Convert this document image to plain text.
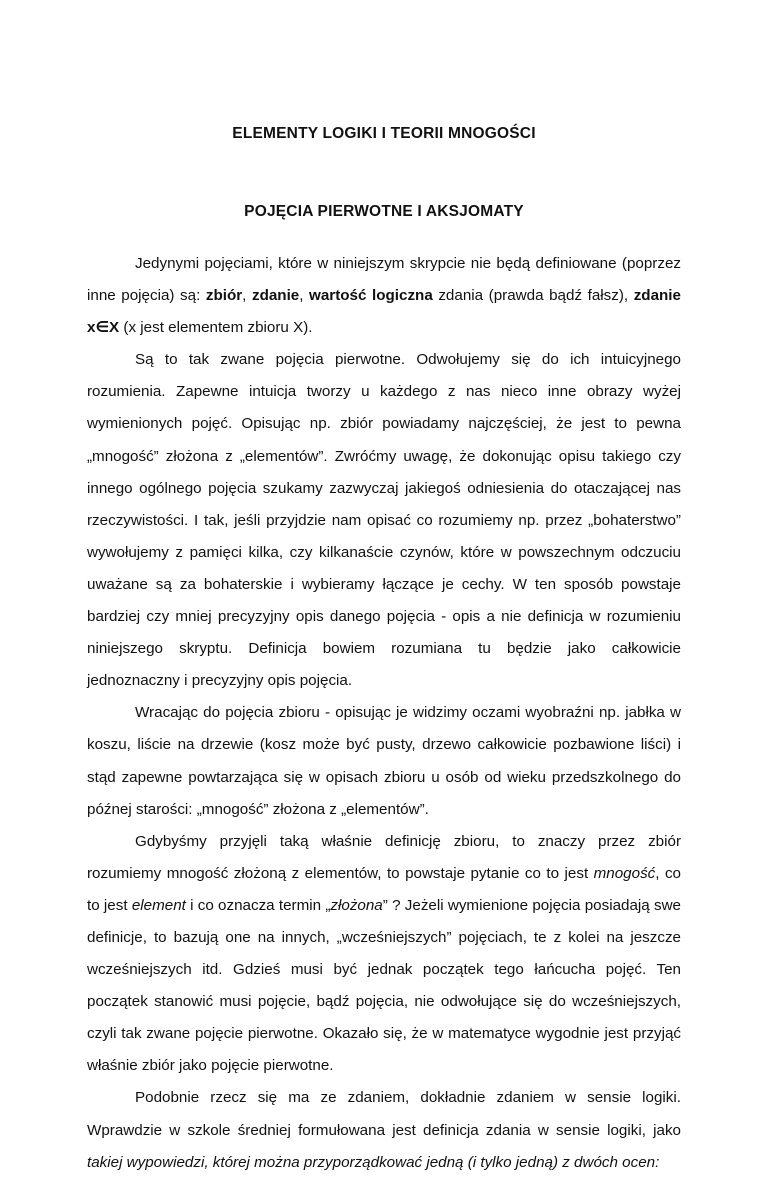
ELEMENTY LOGIKI I TEORII MNOGOŚCI
POJĘCIA PIERWOTNE I AKSJOMATY

Jedynymi pojęciami, które w niniejszym skrypcie nie będą definiowane (poprzez inne pojęcia) są: zbiór, zdanie, wartość logiczna zdania (prawda bądź fałsz), zdanie x∈X (x jest elementem zbioru X).

Są to tak zwane pojęcia pierwotne. Odwołujemy się do ich intuicyjnego rozumienia. Zapewne intuicja tworzy u każdego z nas nieco inne obrazy wyżej wymienionych pojęć. Opisując np. zbiór powiadamy najczęściej, że jest to pewna „mnogość” złożona z „elementów”. Zwróćmy uwagę, że dokonując opisu takiego czy innego ogólnego pojęcia szukamy zazwyczaj jakiegoś odniesienia do otaczającej nas rzeczywistości. I tak, jeśli przyjdzie nam opisać co rozumiemy np. przez „bohaterstwo” wywołujemy z pamięci kilka, czy kilkanaście czynów, które w powszechnym odczuciu uważane są za bohaterskie i wybieramy łączące je cechy. W ten sposób powstaje bardziej czy mniej precyzyjny opis danego pojęcia - opis a nie definicja w rozumieniu niniejszego skryptu. Definicja bowiem rozumiana tu będzie jako całkowicie jednoznaczny i precyzyjny opis pojęcia.

Wracając do pojęcia zbioru - opisując je widzimy oczami wyobraźni np. jabłka w koszu, liście na drzewie (kosz może być pusty, drzewo całkowicie pozbawione liści) i stąd zapewne powtarzająca się w opisach zbioru u osób od wieku przedszkolnego do późnej starości: „mnogość” złożona z „elementów”.

Gdybyśmy przyjęli taką właśnie definicję zbioru, to znaczy przez zbiór rozumiemy mnogość złożoną z elementów, to powstaje pytanie co to jest mnogość, co to jest element i co oznacza termin „złożona” ? Jeżeli wymienione pojęcia posiadają swe definicje, to bazują one na innych, „wcześniejszych” pojęciach, te z kolei na jeszcze wcześniejszych itd. Gdzieś musi być jednak początek tego łańcucha pojęć. Ten początek stanowić musi pojęcie, bądź pojęcia, nie odwołujące się do wcześniejszych, czyli tak zwane pojęcie pierwotne. Okazało się, że w matematyce wygodnie jest przyjąć właśnie zbiór jako pojęcie pierwotne.

Podobnie rzecz się ma ze zdaniem, dokładnie zdaniem w sensie logiki. Wprawdzie w szkole średniej formułowana jest definicja zdania w sensie logiki, jako takiej wypowiedzi, której można przyporządkować jedną (i tylko jedną) z dwóch ocen:
